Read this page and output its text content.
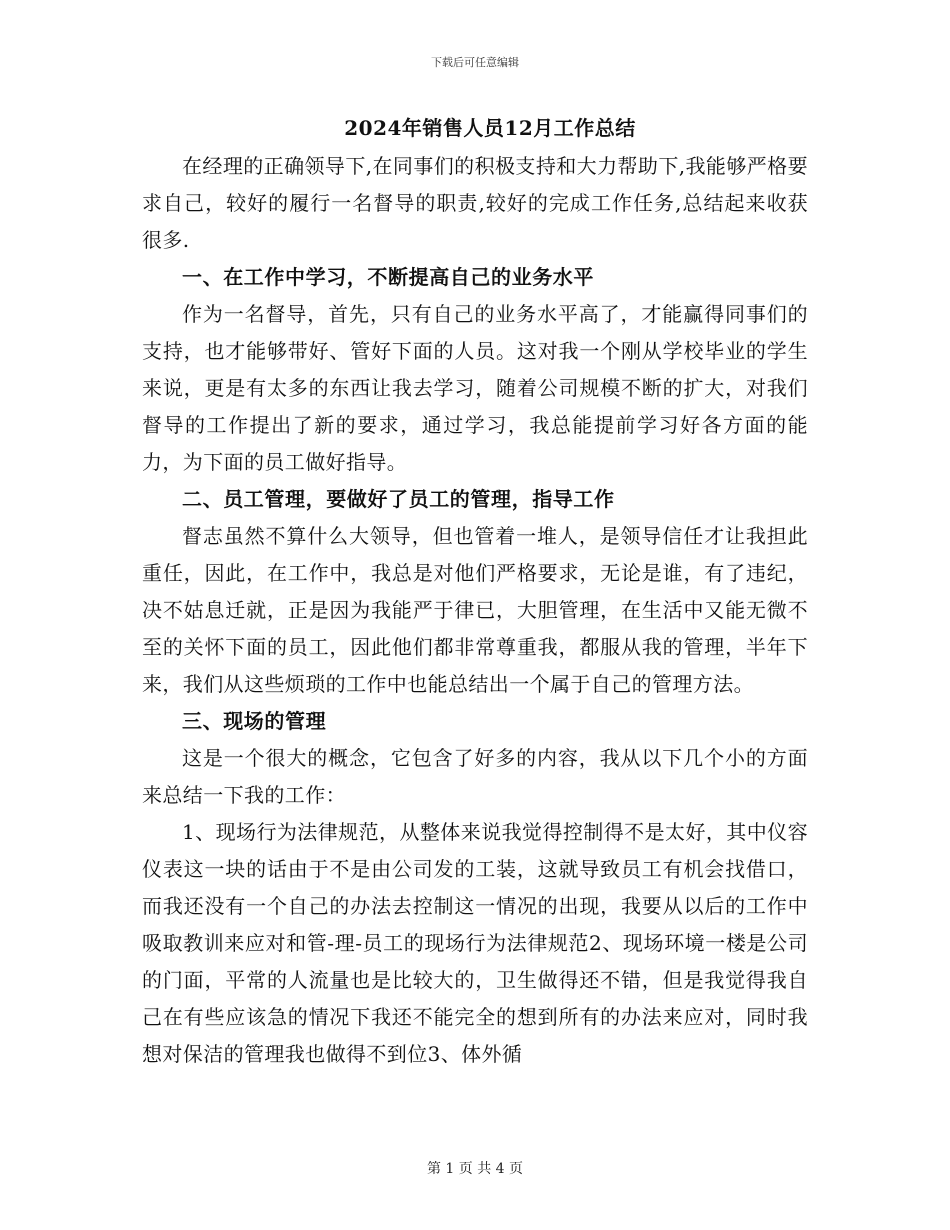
下载后可任意编辑
2024年销售人员12月工作总结

在经理的正确领导下,在同事们的积极支持和大力帮助下,我能够严格要求自己，较好的履行一名督导的职责,较好的完成工作任务,总结起来收获很多.

一、在工作中学习，不断提高自己的业务水平

作为一名督导，首先，只有自己的业务水平高了，才能赢得同事们的支持，也才能够带好、管好下面的人员。这对我一个刚从学校毕业的学生来说，更是有太多的东西让我去学习，随着公司规模不断的扩大，对我们督导的工作提出了新的要求，通过学习，我总能提前学习好各方面的能力，为下面的员工做好指导。

二、员工管理，要做好了员工的管理，指导工作

督志虽然不算什么大领导，但也管着一堆人，是领导信任才让我担此重任，因此，在工作中，我总是对他们严格要求，无论是谁，有了违纪，决不姑息迁就，正是因为我能严于律已，大胆管理，在生活中又能无微不至的关怀下面的员工，因此他们都非常尊重我，都服从我的管理，半年下来，我们从这些烦琐的工作中也能总结出一个属于自己的管理方法。

三、现场的管理

这是一个很大的概念，它包含了好多的内容，我从以下几个小的方面来总结一下我的工作：

1、现场行为法律规范，从整体来说我觉得控制得不是太好，其中仪容仪表这一块的话由于不是由公司发的工装，这就导致员工有机会找借口，而我还没有一个自己的办法去控制这一情况的出现，我要从以后的工作中吸取教训来应对和管-理-员工的现场行为法律规范2、现场环境一楼是公司的门面，平常的人流量也是比较大的，卫生做得还不错，但是我觉得我自己在有些应该急的情况下我还不能完全的想到所有的办法来应对，同时我想对保洁的管理我也做得不到位3、体外循

第 1 页 共 4 页
